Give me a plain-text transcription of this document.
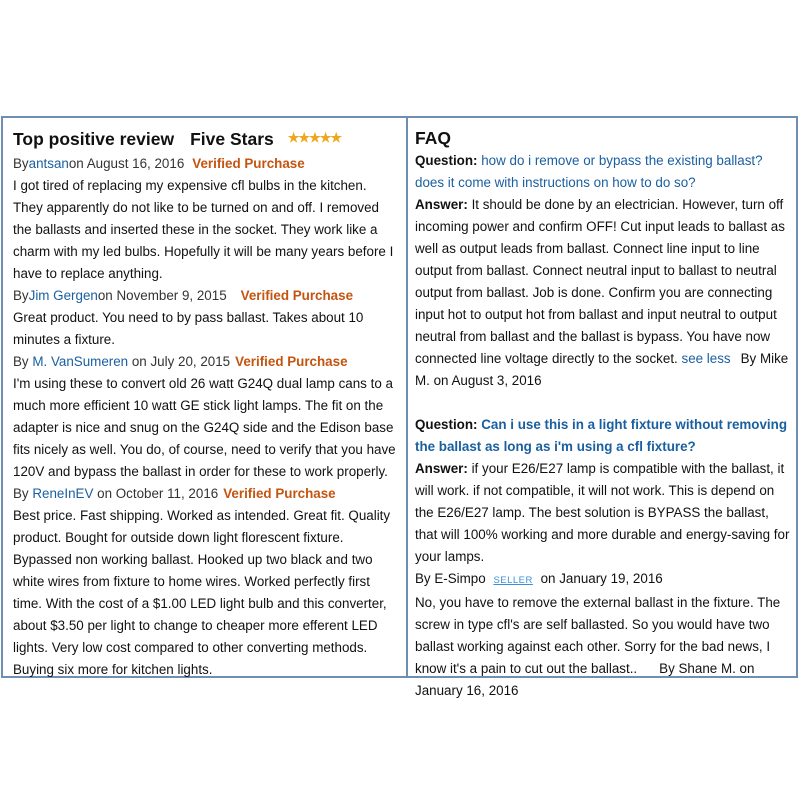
Top positive review Five Stars ★★★★★
Byantsanon August 16, 2016 Verified Purchase

I got tired of replacing my expensive cfl bulbs in the kitchen. They apparently do not like to be turned on and off. I removed the ballasts and inserted these in the socket. They work like a charm with my led bulbs. Hopefully it will be many years before I have to replace anything.

ByJim Gergenon November 9, 2015 Verified Purchase

Great product. You need to by pass ballast. Takes about 10 minutes a fixture.

By M. VanSumeren on July 20, 2015 Verified Purchase

I'm using these to convert old 26 watt G24Q dual lamp cans to a much more efficient 10 watt GE stick light lamps. The fit on the adapter is nice and snug on the G24Q side and the Edison base fits nicely as well. You do, of course, need to verify that you have 120V and bypass the ballast in order for these to work properly.

By ReneInEV on October 11, 2016 Verified Purchase

Best price. Fast shipping. Worked as intended. Great fit. Quality product. Bought for outside down light florescent fixture. Bypassed non working ballast. Hooked up two black and two white wires from fixture to home wires. Worked perfectly first time. With the cost of a $1.00 LED light bulb and this converter, about $3.50 per light to change to cheaper more efferent LED lights. Very low cost compared to other converting methods. Buying six more for kitchen lights.

FAQ

Question: how do i remove or bypass the existing ballast? does it come with instructions on how to do so?

Answer: It should be done by an electrician. However, turn off incoming power and confirm OFF! Cut input leads to ballast as well as output leads from ballast. Connect line input to line output from ballast. Connect neutral input to ballast to neutral output from ballast. Job is done. Confirm you are connecting input hot to output hot from ballast and input neutral to output neutral from ballast and the ballast is bypass. You have now connected line voltage directly to the socket. see less By Mike M. on August 3, 2016

Question: Can i use this in a light fixture without removing the ballast as long as i'm using a cfl fixture?

Answer: if your E26/E27 lamp is compatible with the ballast, it will work. if not compatible, it will not work. This is depend on the E26/E27 lamp. The best solution is BYPASS the ballast, that will 100% working and more durable and energy-saving for your lamps.

By E-Simpo SELLER on January 19, 2016

No, you have to remove the external ballast in the fixture. The screw in type cfl's are self ballasted. So you would have two ballast working against each other. Sorry for the bad news, I know it's a pain to cut out the ballast.. By Shane M. on January 16, 2016
